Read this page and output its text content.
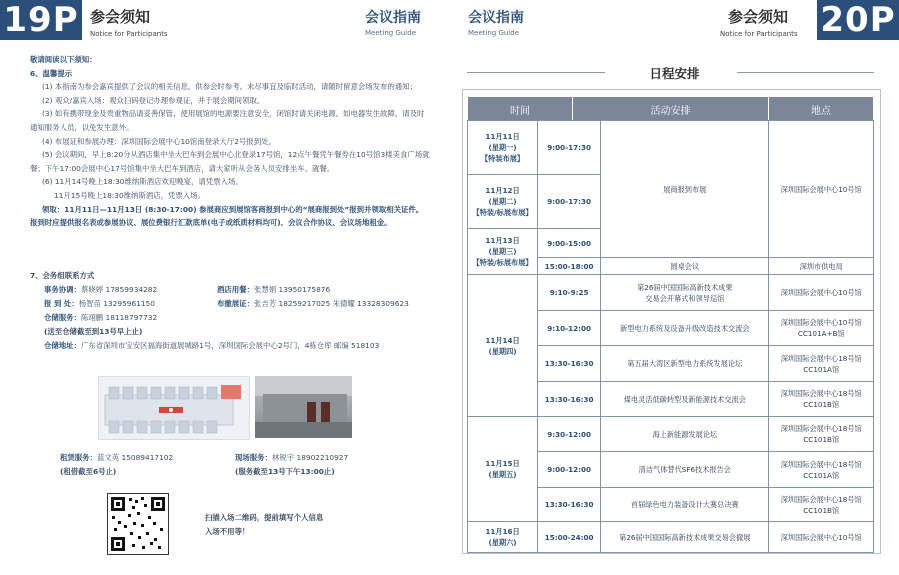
19P 参会须知
Notice for Participants
会议指南
Meeting Guide

敬请阅读以下须知：

6、温馨提示

(1) 本指南为参会嘉宾提供了会议的相关信息，供参会时参考。未尽事宜及临时活动，请随时留意会场发布的通知；

(2) 观众/嘉宾入场：观众扫码登记办理参观证，并于展会期间领取。

(3) 如有携带现金及贵重物品请妥善保管，使用展馆的电源要注意安全，闭馆时请关闭电源。如电器发生故障，请及时通知服务人员，以免发生意外。

(4) 布展证和参展办理：深圳国际会展中心10馆南登录大厅2号报到处。

(5) 会议期间，早上8:20分从酒店集中坐大巴车到会展中心北登录17号馆，12点午餐凭午餐券在10号馆3楼美食广场就餐；下午17:00会展中心17号馆集中坐大巴车到酒店，请大家听从会务人员安排坐车、就餐。

(6) 11月14号晚上18:30维纳斯酒店欢迎晚宴，请凭票入场。

11月15号晚上18:30维纳斯酒店，凭票入场。

领取：11月11日—11月13日 (8:30-17:00) 参展商应到展馆客商报到中心的“展商报到处”报到并领取相关证件。报到时应提供报名表或参展协议、展位费银行汇款底单(电子或纸质材料均可)、会议合作协议、会议场地租金。

7、会务组联系方式
事务协调：蔡晓婷 17859934282	酒店用餐：张慧娟 13950175876
报 到 处：杨智苗 13295961150	布撤展证：张吉芳 18259217025 朱德耀 13328309623
仓储服务：陈翊鹏 18118797732
(送至仓储截至到13号早上止)
仓储地址：广东省深圳市宝安区福海街道展城路1号，深圳国际会展中心2号门，4栋仓库 邮编 518103
租赁服务：蓝文英 15089417102
(租借截至6号止)
现场服务：林锐宇 18902210927
(服务截至13号下午13:00止)
扫描入场二维码，提前填写个人信息
入场不用等！
20P
会议指南
Meeting Guide
参会须知
Notice for Participants
日程安排
时间	活动安排	地点
11月11日
(星期一)
【特装布展】	9:00-17:30	展商报到布展	深圳国际会展中心10号馆
11月12日
(星期二)
【特装/标展布展】	9:00-17:30		
11月13日
(星期三)
【特装/标展布展】	9:00-15:00		
	15:00-18:00	圆桌会议	深圳市供电局
11月14日
(星期四)	9:10-9:25	第26届中国国际高新技术成果
交易会开幕式和领导巡馆	深圳国际会展中心10号馆
	9:10-12:00	新型电力系统及设备升级改造技术交流会	深圳国际会展中心10号馆
CC101A+B馆
	13:30-16:30	第五届大湾区新型电力系统发展论坛	深圳国际会展中心18号馆
CC101A馆
	13:30-16:30	煤电灵活低碳转型及新能源技术交流会	深圳国际会展中心18号馆
CC101B馆
11月15日
(星期五)	9:30-12:00	海上新能源发展论坛	深圳国际会展中心18号馆
CC101B馆
	9:00-12:00	清洁气体替代SF6技术报告会	深圳国际会展中心18号馆
CC101A馆
	13:30-16:30	首届绿色电力装备设计大赛总决赛	深圳国际会展中心18号馆
CC101B馆
11月16日
(星期六)	15:00-24:00	第26届中国国际高新技术成果交易会撤展	深圳国际会展中心10号馆
